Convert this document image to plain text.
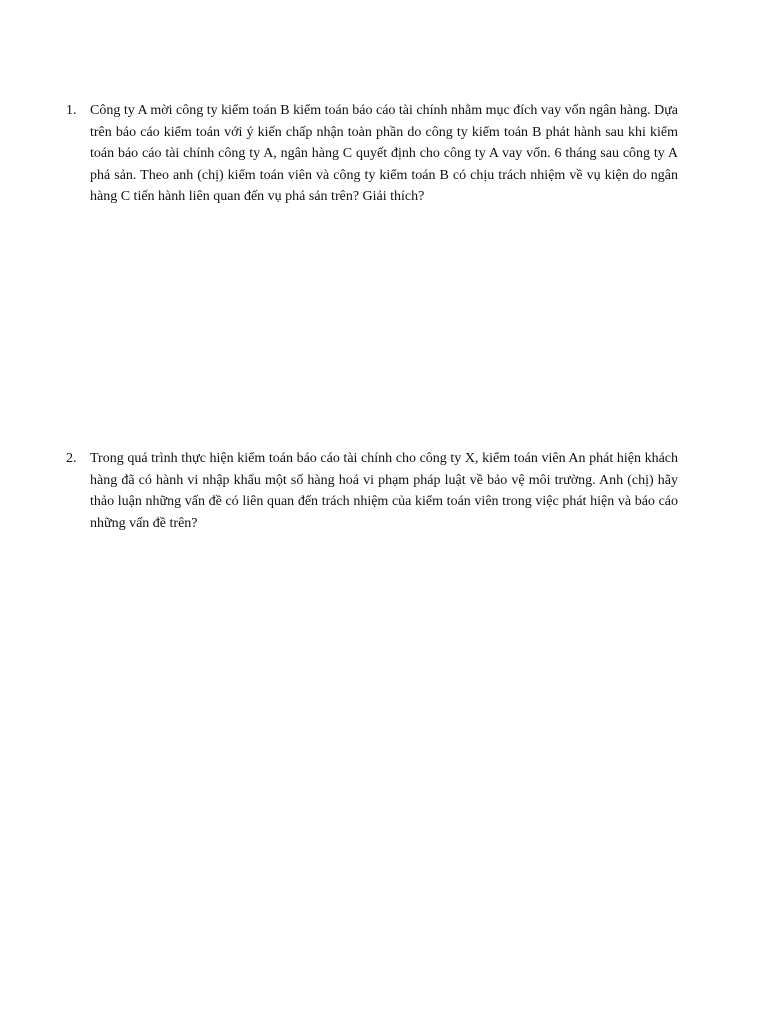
1. Công ty A mời công ty kiểm toán B kiểm toán báo cáo tài chính nhằm mục đích vay vốn ngân hàng. Dựa trên báo cáo kiểm toán với ý kiến chấp nhận toàn phần do công ty kiểm toán B phát hành sau khi kiểm toán báo cáo tài chính công ty A, ngân hàng C quyết định cho công ty A vay vốn. 6 tháng sau công ty A phá sản. Theo anh (chị) kiểm toán viên và công ty kiểm toán B có chịu trách nhiệm về vụ kiện do ngân hàng C tiến hành liên quan đến vụ phá sản trên? Giải thích?

2. Trong quá trình thực hiện kiểm toán báo cáo tài chính cho công ty X, kiểm toán viên An phát hiện khách hàng đã có hành vi nhập khẩu một số hàng hoá vi phạm pháp luật về bảo vệ môi trường. Anh (chị) hãy thảo luận những vấn đề có liên quan đến trách nhiệm của kiểm toán viên trong việc phát hiện và báo cáo những vấn đề trên?
